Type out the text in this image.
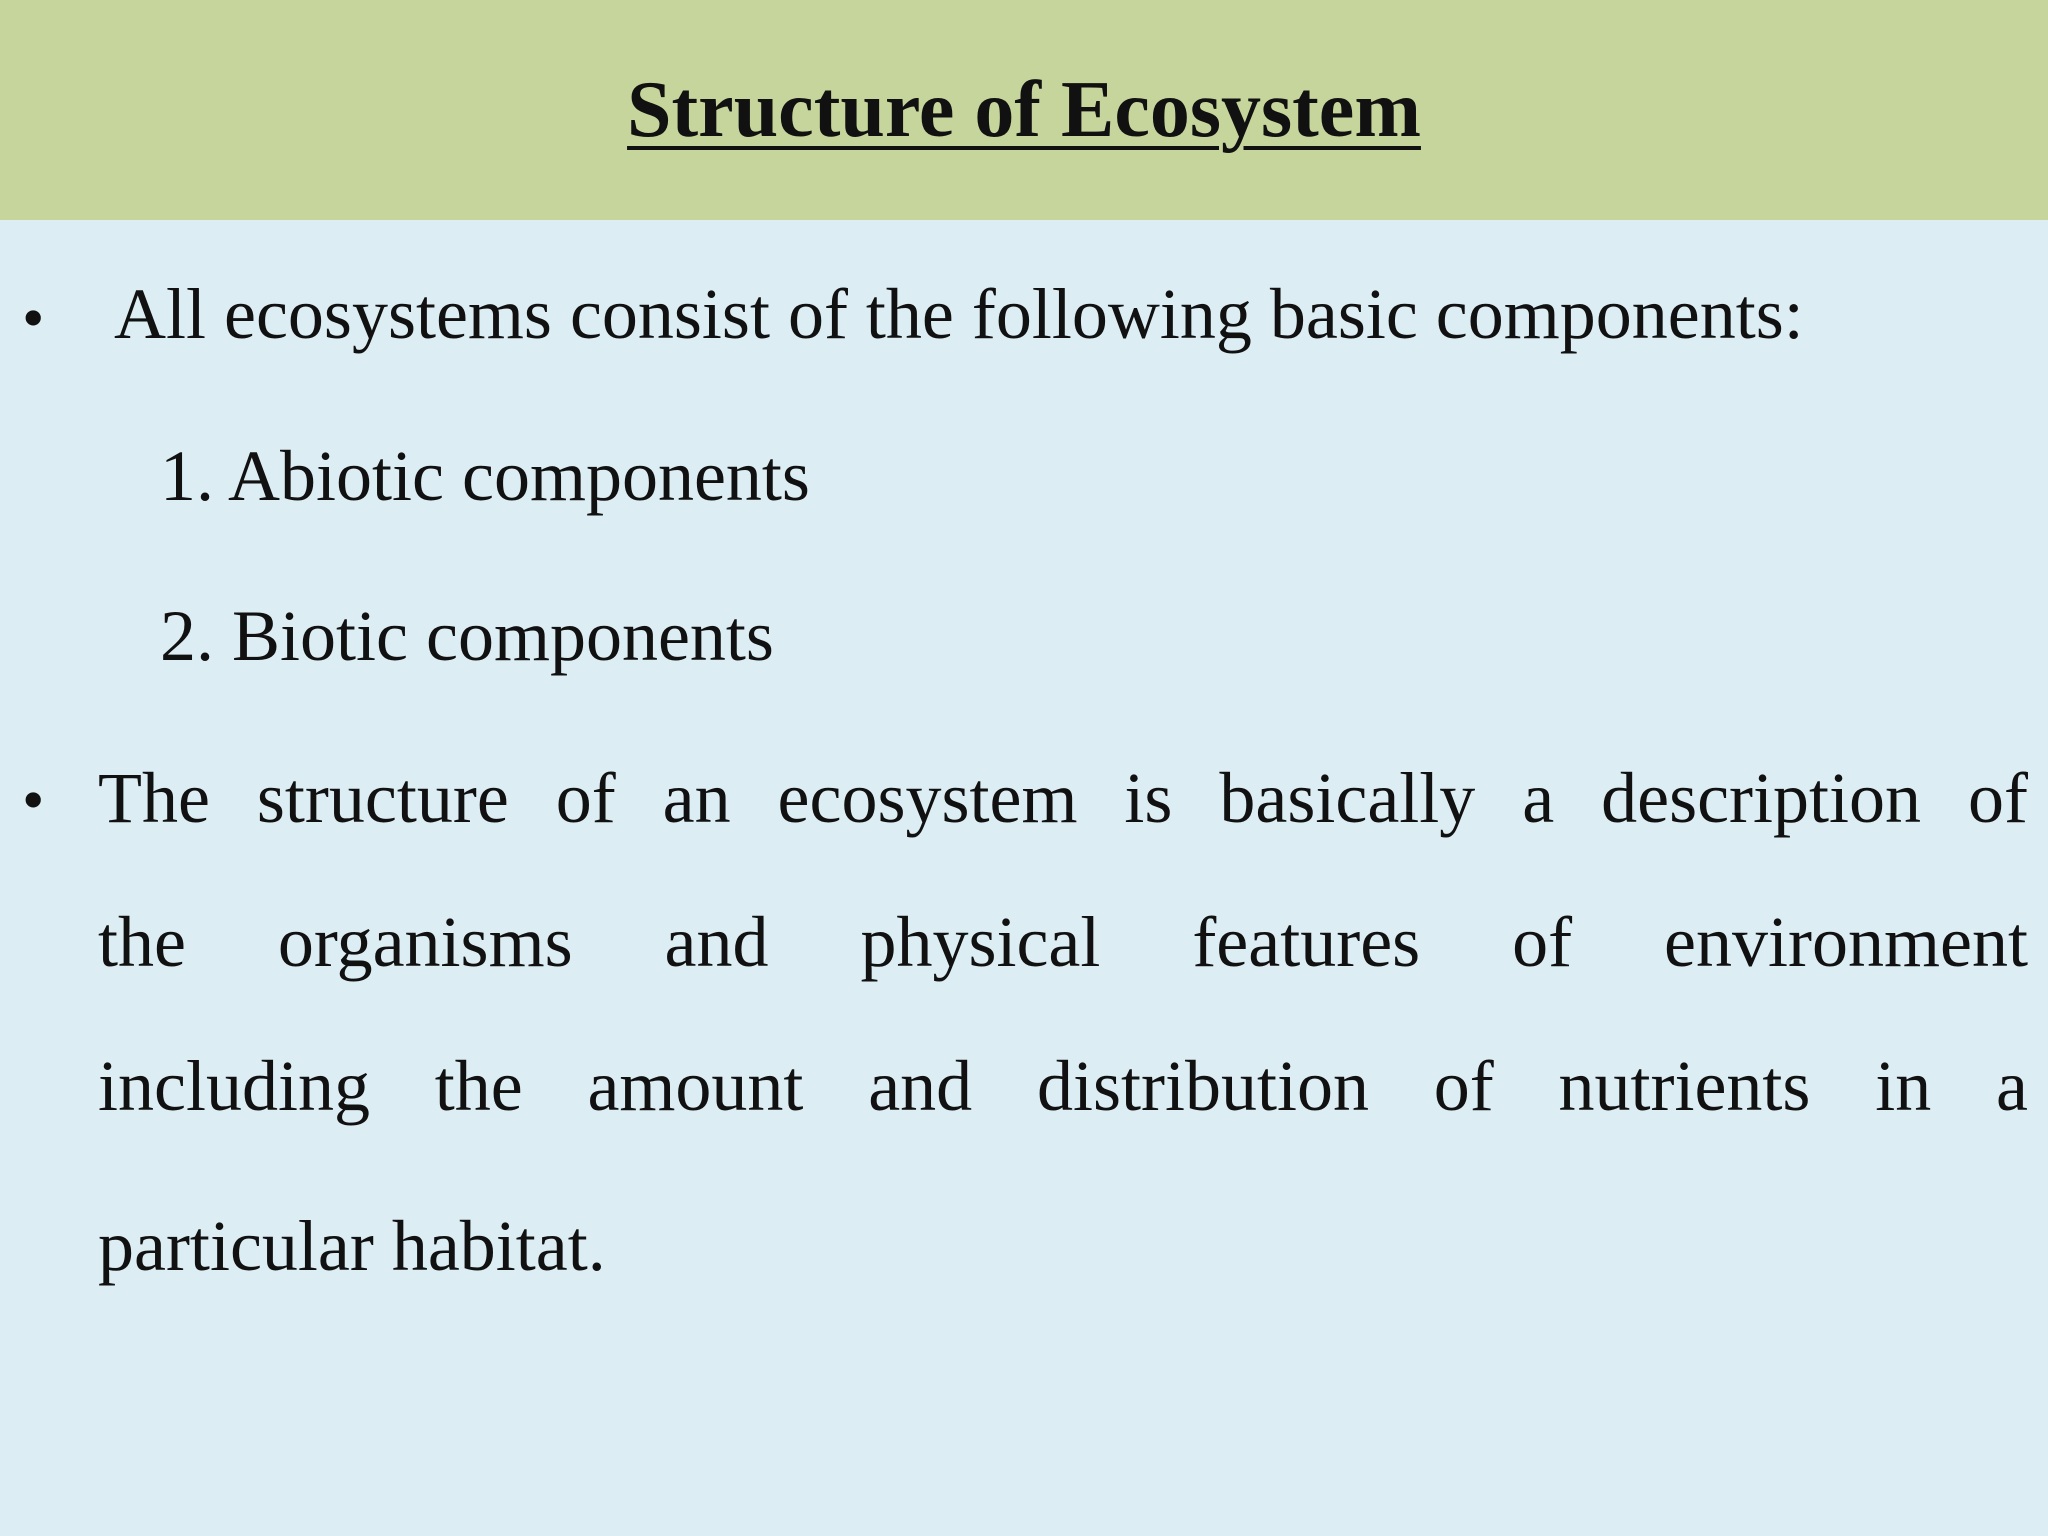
Structure of Ecosystem
• All ecosystems consist of the following basic components:
1. Abiotic components
2. Biotic components
• The structure of an ecosystem is basically a description of
the organisms and physical features of environment
including the amount and distribution of nutrients in a
particular habitat.
